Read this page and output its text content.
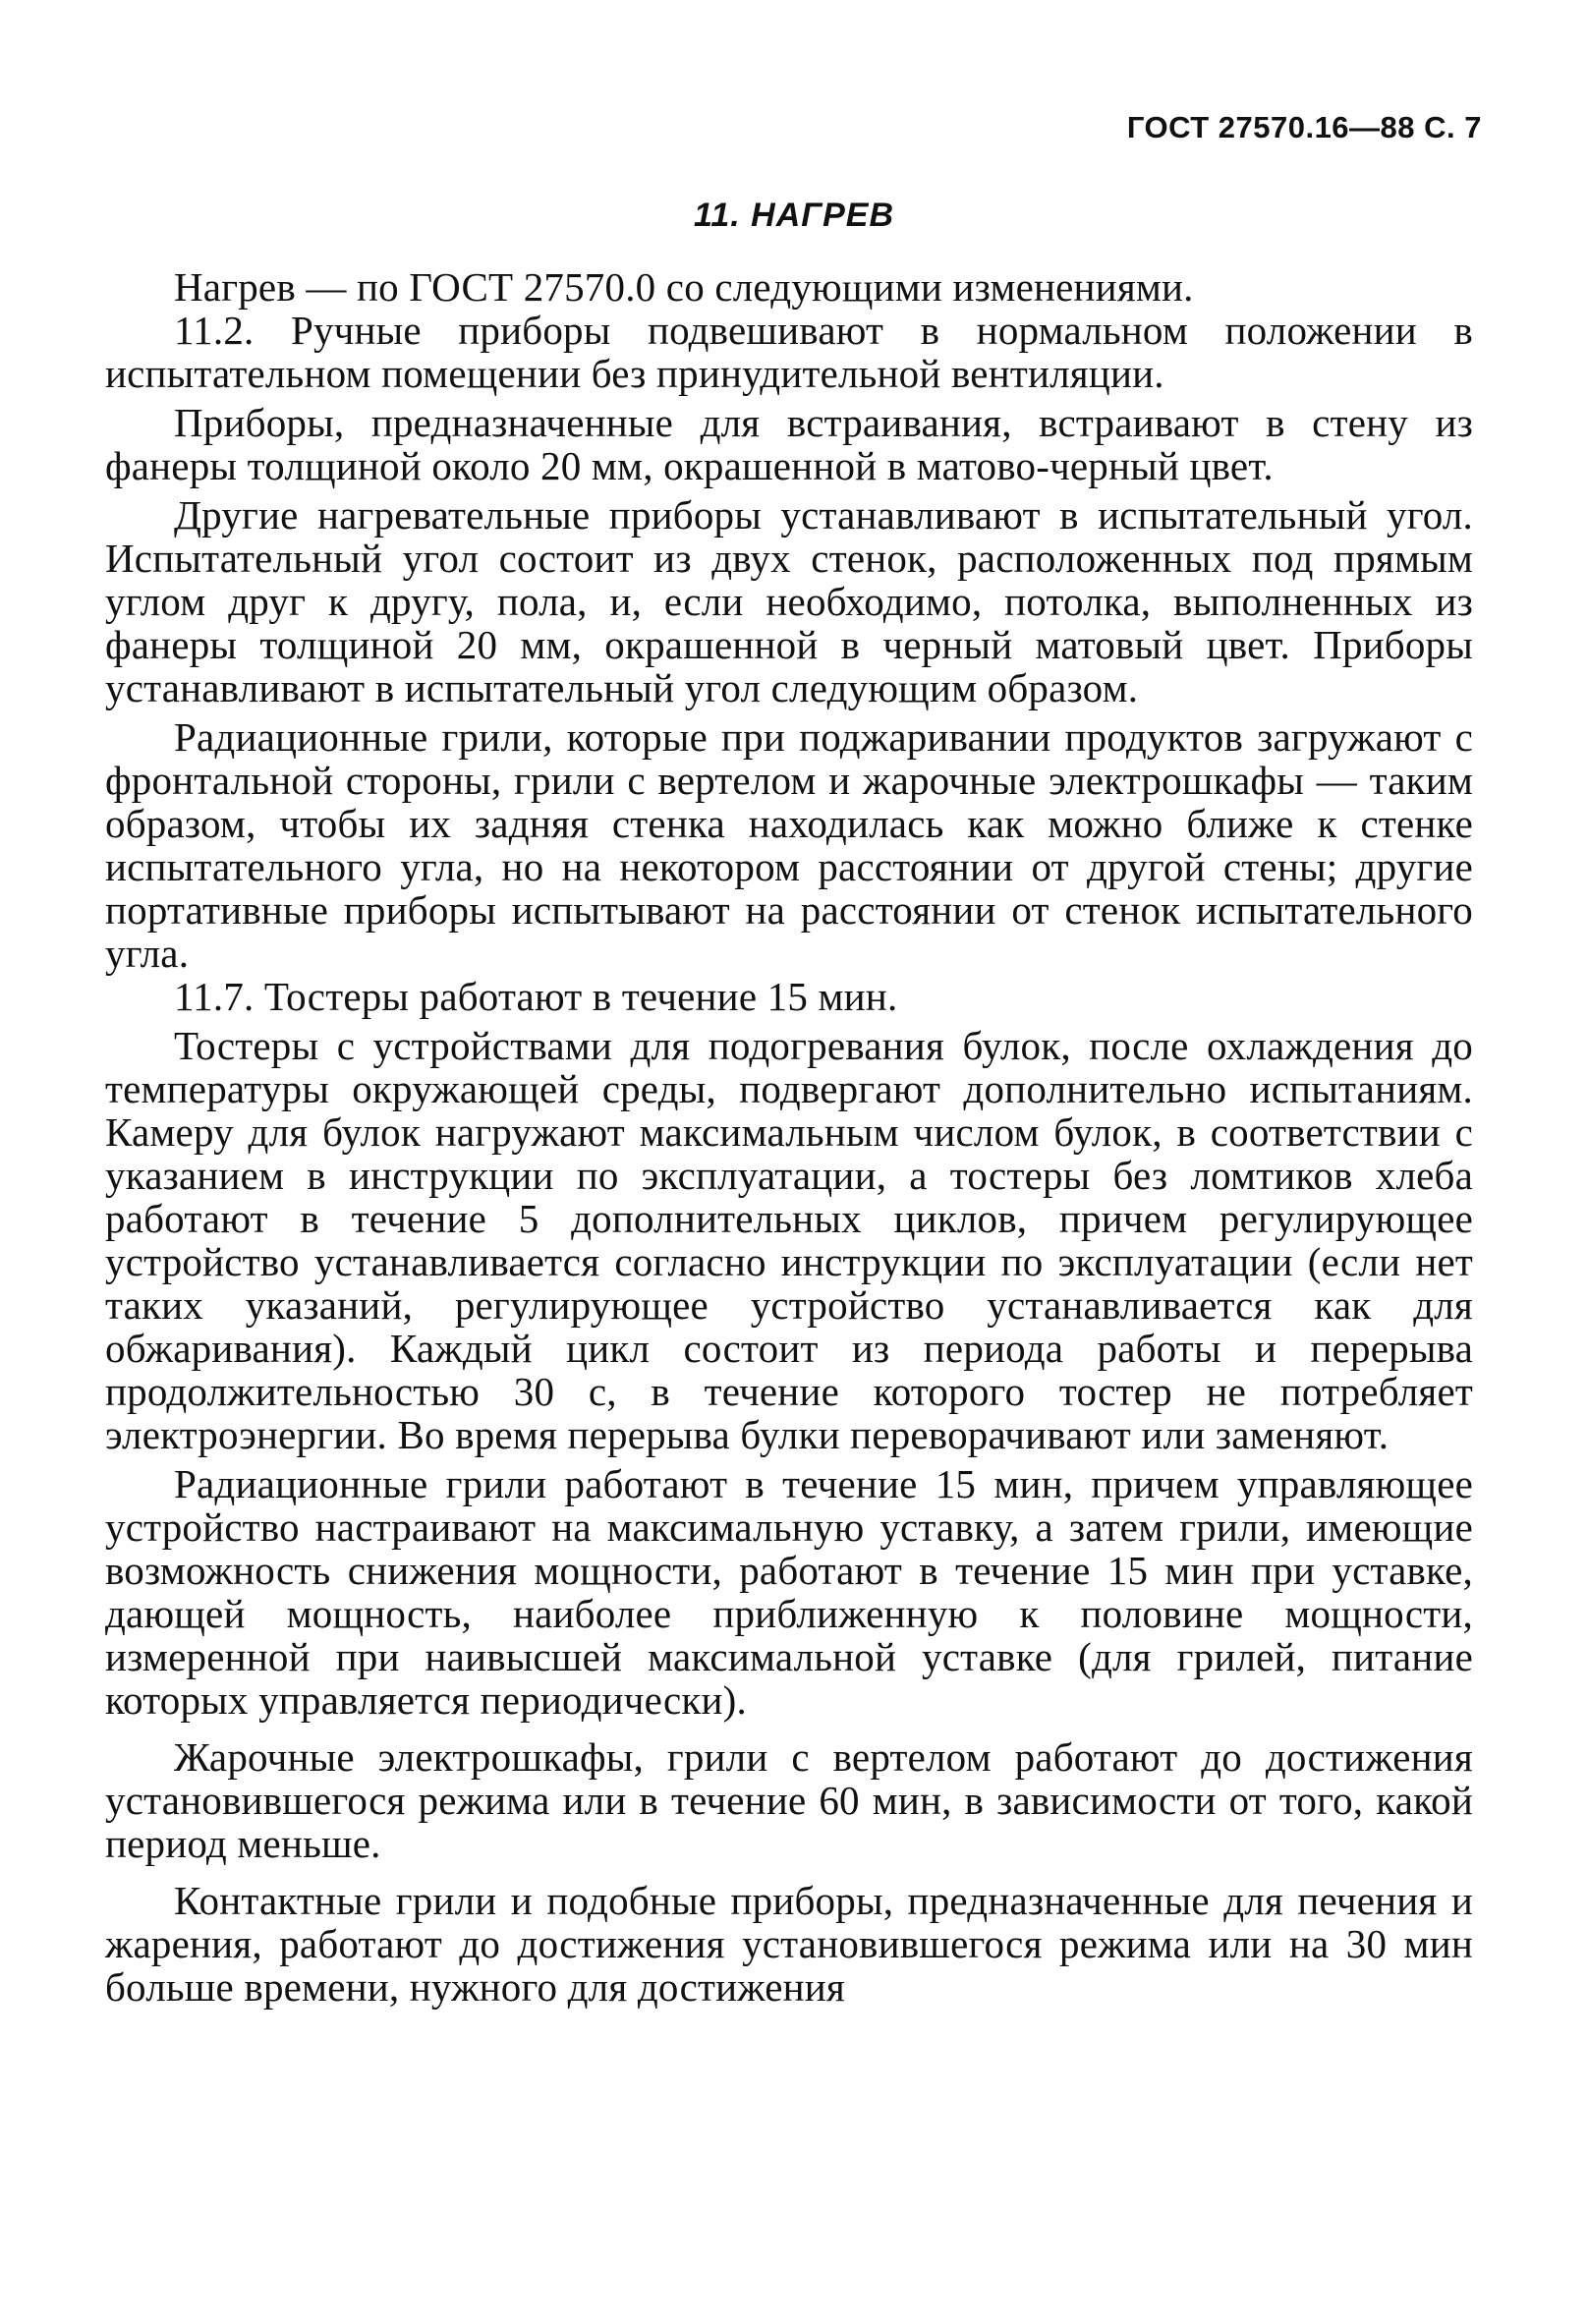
ГОСТ 27570.16—88 С. 7
11. НАГРЕВ

Нагрев — по ГОСТ 27570.0 со следующими изменениями.

11.2. Ручные приборы подвешивают в нормальном положении в испытательном помещении без принудительной вентиляции.

Приборы, предназначенные для встраивания, встраивают в стену из фанеры толщиной около 20 мм, окрашенной в матово-черный цвет.

Другие нагревательные приборы устанавливают в испытательный угол. Испытательный угол состоит из двух стенок, расположенных под прямым углом друг к другу, пола, и, если необходимо, потолка, выполненных из фанеры толщиной 20 мм, окрашенной в черный матовый цвет. Приборы устанавливают в испытательный угол следующим образом.

Радиационные грили, которые при поджаривании продуктов загружают с фронтальной стороны, грили с вертелом и жарочные электрошкафы — таким образом, чтобы их задняя стенка находилась как можно ближе к стенке испытательного угла, но на некотором расстоянии от другой стены; другие портативные приборы испытывают на расстоянии от стенок испытательного угла.

11.7. Тостеры работают в течение 15 мин.

Тостеры с устройствами для подогревания булок, после охлаждения до температуры окружающей среды, подвергают дополнительно испытаниям. Камеру для булок нагружают максимальным числом булок, в соответствии с указанием в инструкции по эксплуатации, а тостеры без ломтиков хлеба работают в течение 5 дополнительных циклов, причем регулирующее устройство устанавливается согласно инструкции по эксплуатации (если нет таких указаний, регулирующее устройство устанавливается как для обжаривания). Каждый цикл состоит из периода работы и перерыва продолжительностью 30 с, в течение которого тостер не потребляет электроэнергии. Во время перерыва булки переворачивают или заменяют.

Радиационные грили работают в течение 15 мин, причем управляющее устройство настраивают на максимальную уставку, а затем грили, имеющие возможность снижения мощности, работают в течение 15 мин при уставке, дающей мощность, наиболее приближенную к половине мощности, измеренной при наивысшей максимальной уставке (для грилей, питание которых управляется периодически).

Жарочные электрошкафы, грили с вертелом работают до достижения установившегося режима или в течение 60 мин, в зависимости от того, какой период меньше.

Контактные грили и подобные приборы, предназначенные для печения и жарения, работают до достижения установившегося режима или на 30 мин больше времени, нужного для достижения
